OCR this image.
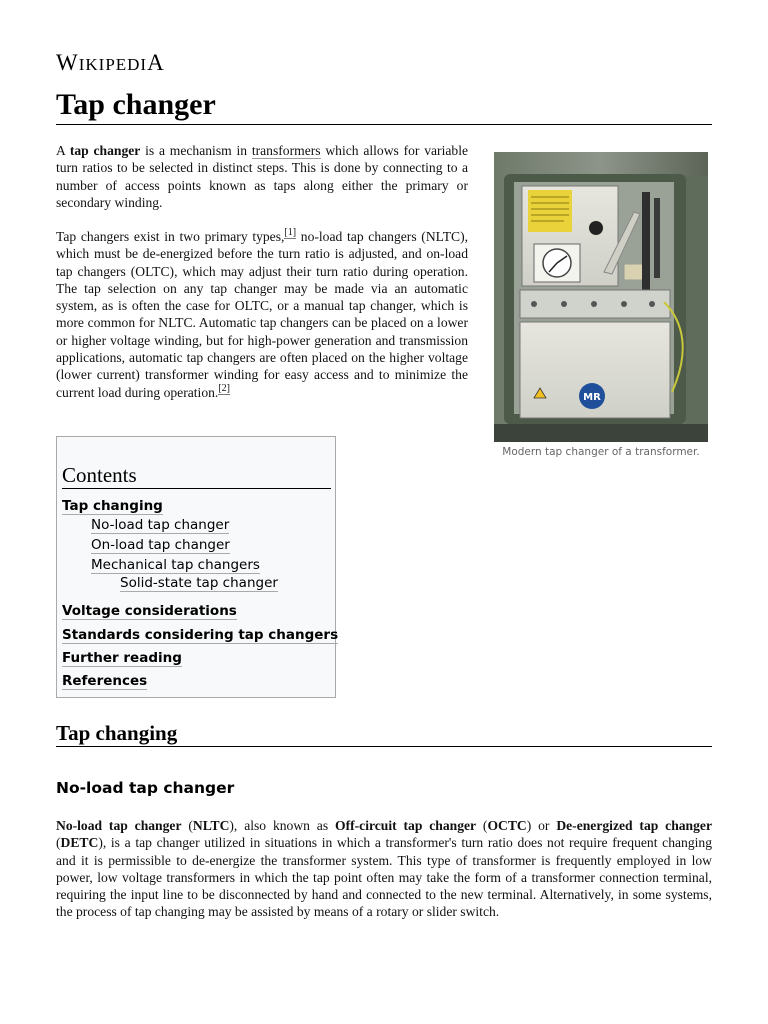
WIKIPEDIA
Tap changer

A tap changer is a mechanism in transformers which allows for variable turn ratios to be selected in distinct steps. This is done by connecting to a number of access points known as taps along either the primary or secondary winding.

Tap changers exist in two primary types,[1] no-load tap changers (NLTC), which must be de-energized before the turn ratio is adjusted, and on-load tap changers (OLTC), which may adjust their turn ratio during operation. The tap selection on any tap changer may be made via an automatic system, as is often the case for OLTC, or a manual tap changer, which is more common for NLTC. Automatic tap changers can be placed on a lower or higher voltage winding, but for high-power generation and transmission applications, automatic tap changers are often placed on the higher voltage (lower current) transformer winding for easy access and to minimize the current load during operation.[2]

MR
Modern tap changer of a transformer.
Contents
Tap changing
No-load tap changer
On-load tap changer
Mechanical tap changers
Solid-state tap changer
Voltage considerations
Standards considering tap changers
Further reading
References
Tap changing
No-load tap changer

No-load tap changer (NLTC), also known as Off-circuit tap changer (OCTC) or De-energized tap changer (DETC), is a tap changer utilized in situations in which a transformer's turn ratio does not require frequent changing and it is permissible to de-energize the transformer system. This type of transformer is frequently employed in low power, low voltage transformers in which the tap point often may take the form of a transformer connection terminal, requiring the input line to be disconnected by hand and connected to the new terminal. Alternatively, in some systems, the process of tap changing may be assisted by means of a rotary or slider switch.
